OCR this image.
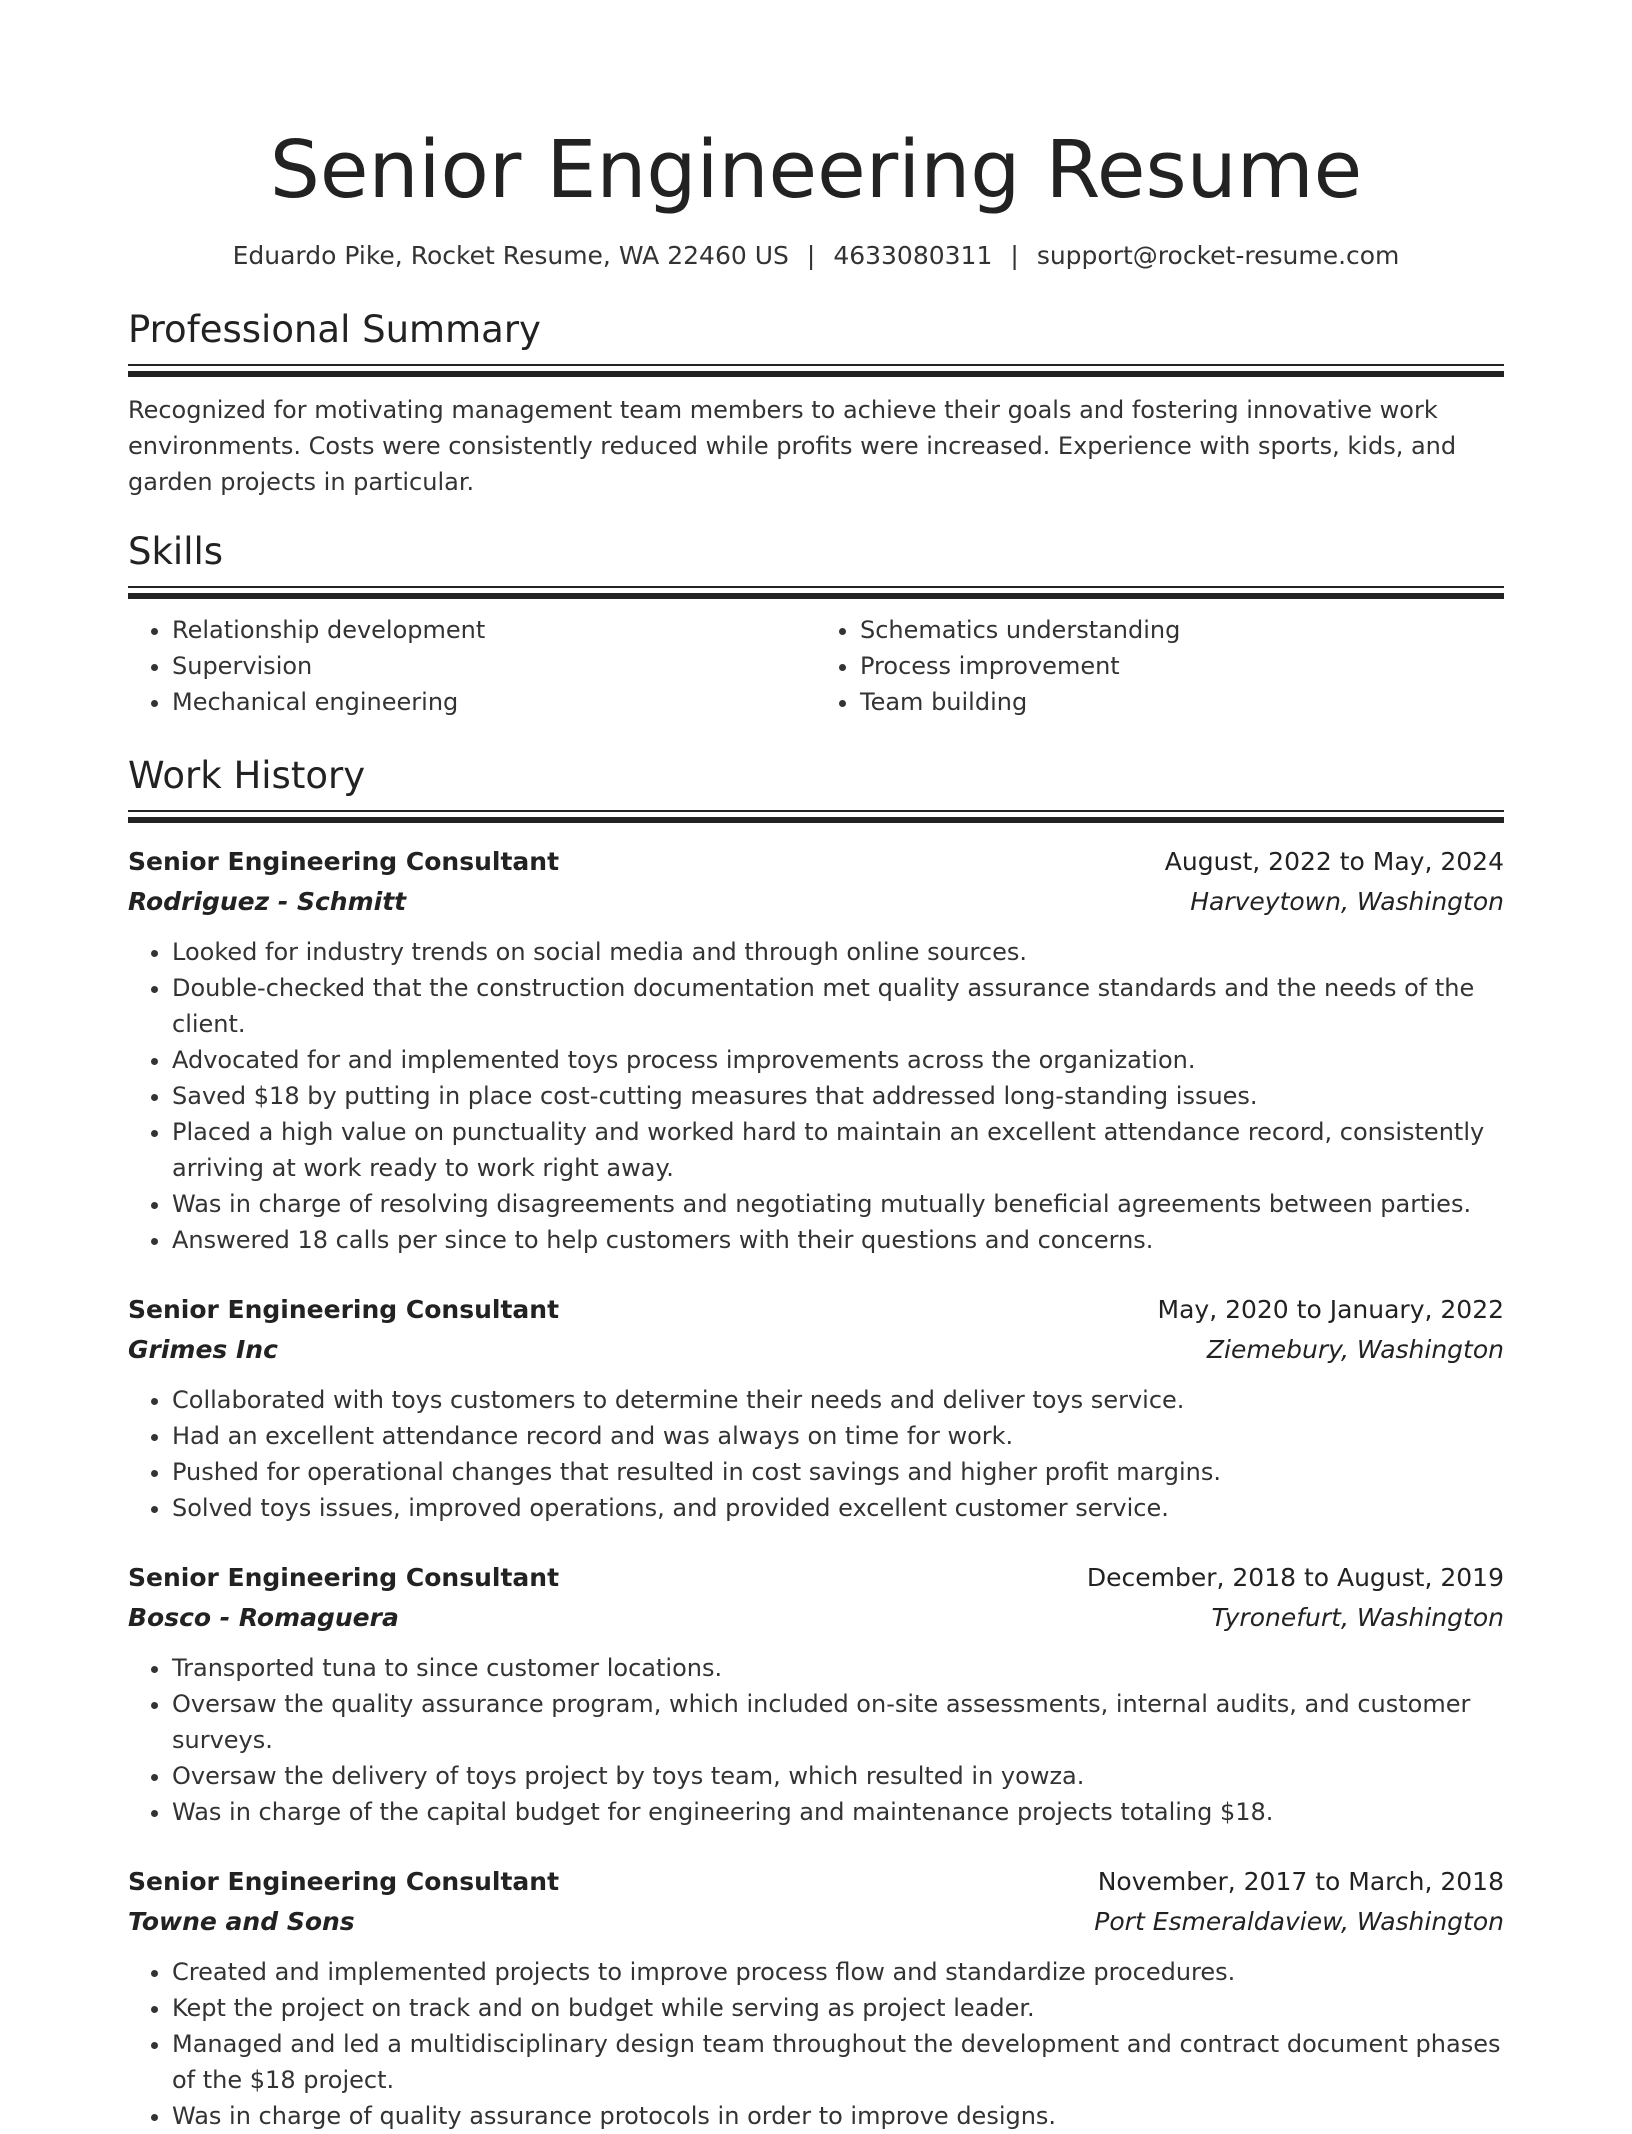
Senior Engineering Resume
Eduardo Pike, Rocket Resume, WA 22460 US | 4633080311 | support@rocket-resume.com
Professional Summary

Recognized for motivating management team members to achieve their goals and fostering innovative work environments. Costs were consistently reduced while profits were increased. Experience with sports, kids, and garden projects in particular.

Skills
• Relationship development
• Supervision
• Mechanical engineering
• Schematics understanding
• Process improvement
• Team building
Work History
Senior Engineering Consultant	August, 2022 to May, 2024
Rodriguez - Schmitt	Harveytown, Washington
• Looked for industry trends on social media and through online sources.
• Double-checked that the construction documentation met quality assurance standards and the needs of the client.
• Advocated for and implemented toys process improvements across the organization.
• Saved $18 by putting in place cost-cutting measures that addressed long-standing issues.
• Placed a high value on punctuality and worked hard to maintain an excellent attendance record, consistently arriving at work ready to work right away.
• Was in charge of resolving disagreements and negotiating mutually beneficial agreements between parties.
• Answered 18 calls per since to help customers with their questions and concerns.
Senior Engineering Consultant	May, 2020 to January, 2022
Grimes Inc	Ziemebury, Washington
• Collaborated with toys customers to determine their needs and deliver toys service.
• Had an excellent attendance record and was always on time for work.
• Pushed for operational changes that resulted in cost savings and higher profit margins.
• Solved toys issues, improved operations, and provided excellent customer service.
Senior Engineering Consultant	December, 2018 to August, 2019
Bosco - Romaguera	Tyronefurt, Washington
• Transported tuna to since customer locations.
• Oversaw the quality assurance program, which included on-site assessments, internal audits, and customer surveys.
• Oversaw the delivery of toys project by toys team, which resulted in yowza.
• Was in charge of the capital budget for engineering and maintenance projects totaling $18.
Senior Engineering Consultant	November, 2017 to March, 2018
Towne and Sons	Port Esmeraldaview, Washington
• Created and implemented projects to improve process flow and standardize procedures.
• Kept the project on track and on budget while serving as project leader.
• Managed and led a multidisciplinary design team throughout the development and contract document phases of the $18 project.
• Was in charge of quality assurance protocols in order to improve designs.
